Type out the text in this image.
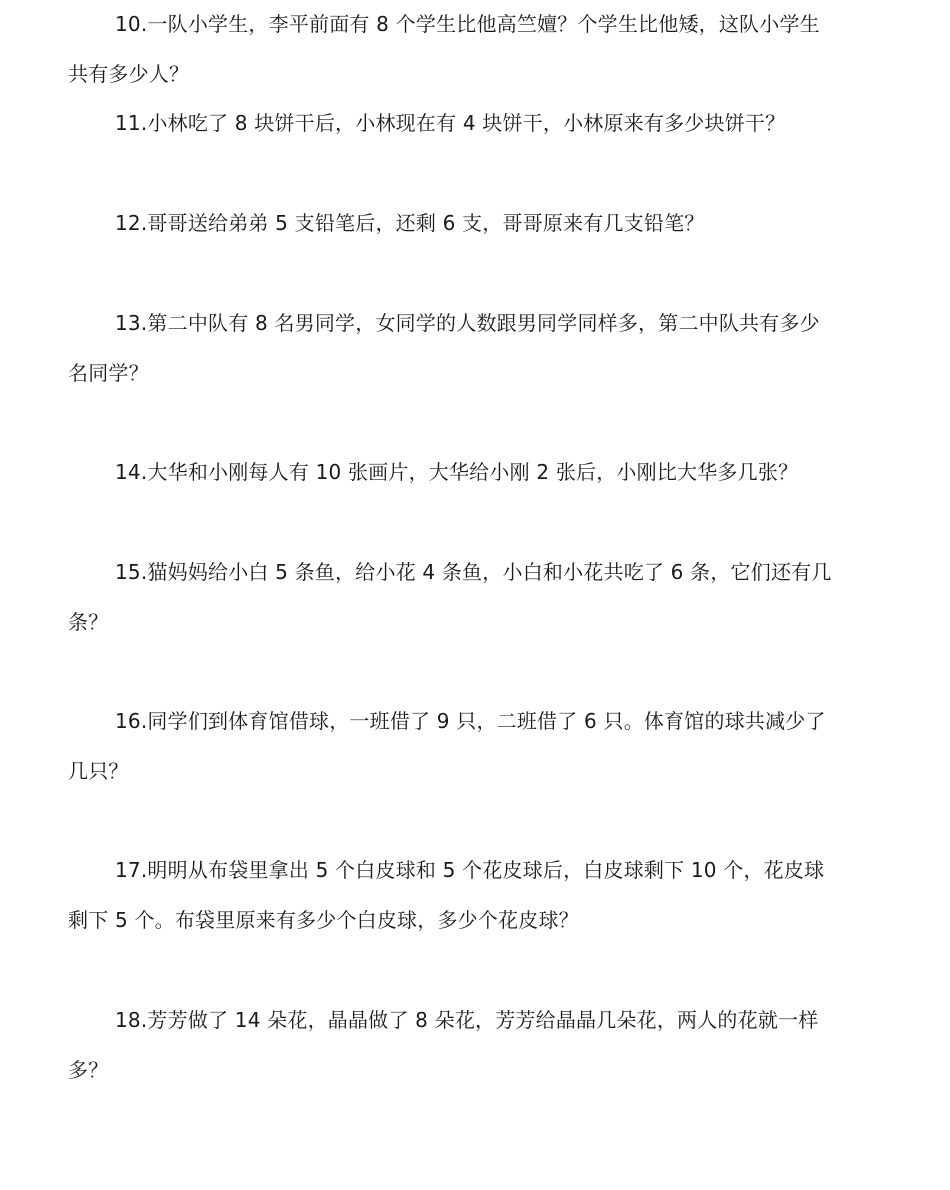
10.一队小学生，李平前面有 8 个学生比他高竺嬗？个学生比他矮，这队小学生
共有多少人？
11.小林吃了 8 块饼干后，小林现在有 4 块饼干，小林原来有多少块饼干？
12.哥哥送给弟弟 5 支铅笔后，还剩 6 支，哥哥原来有几支铅笔？
13.第二中队有 8 名男同学，女同学的人数跟男同学同样多，第二中队共有多少
名同学？
14.大华和小刚每人有 10 张画片，大华给小刚 2 张后，小刚比大华多几张？
15.猫妈妈给小白 5 条鱼，给小花 4 条鱼，小白和小花共吃了 6 条，它们还有几
条？
16.同学们到体育馆借球，一班借了 9 只，二班借了 6 只。体育馆的球共减少了
几只？
17.明明从布袋里拿出 5 个白皮球和 5 个花皮球后，白皮球剩下 10 个，花皮球
剩下 5 个。布袋里原来有多少个白皮球，多少个花皮球？
18.芳芳做了 14 朵花，晶晶做了 8 朵花，芳芳给晶晶几朵花，两人的花就一样
多？
